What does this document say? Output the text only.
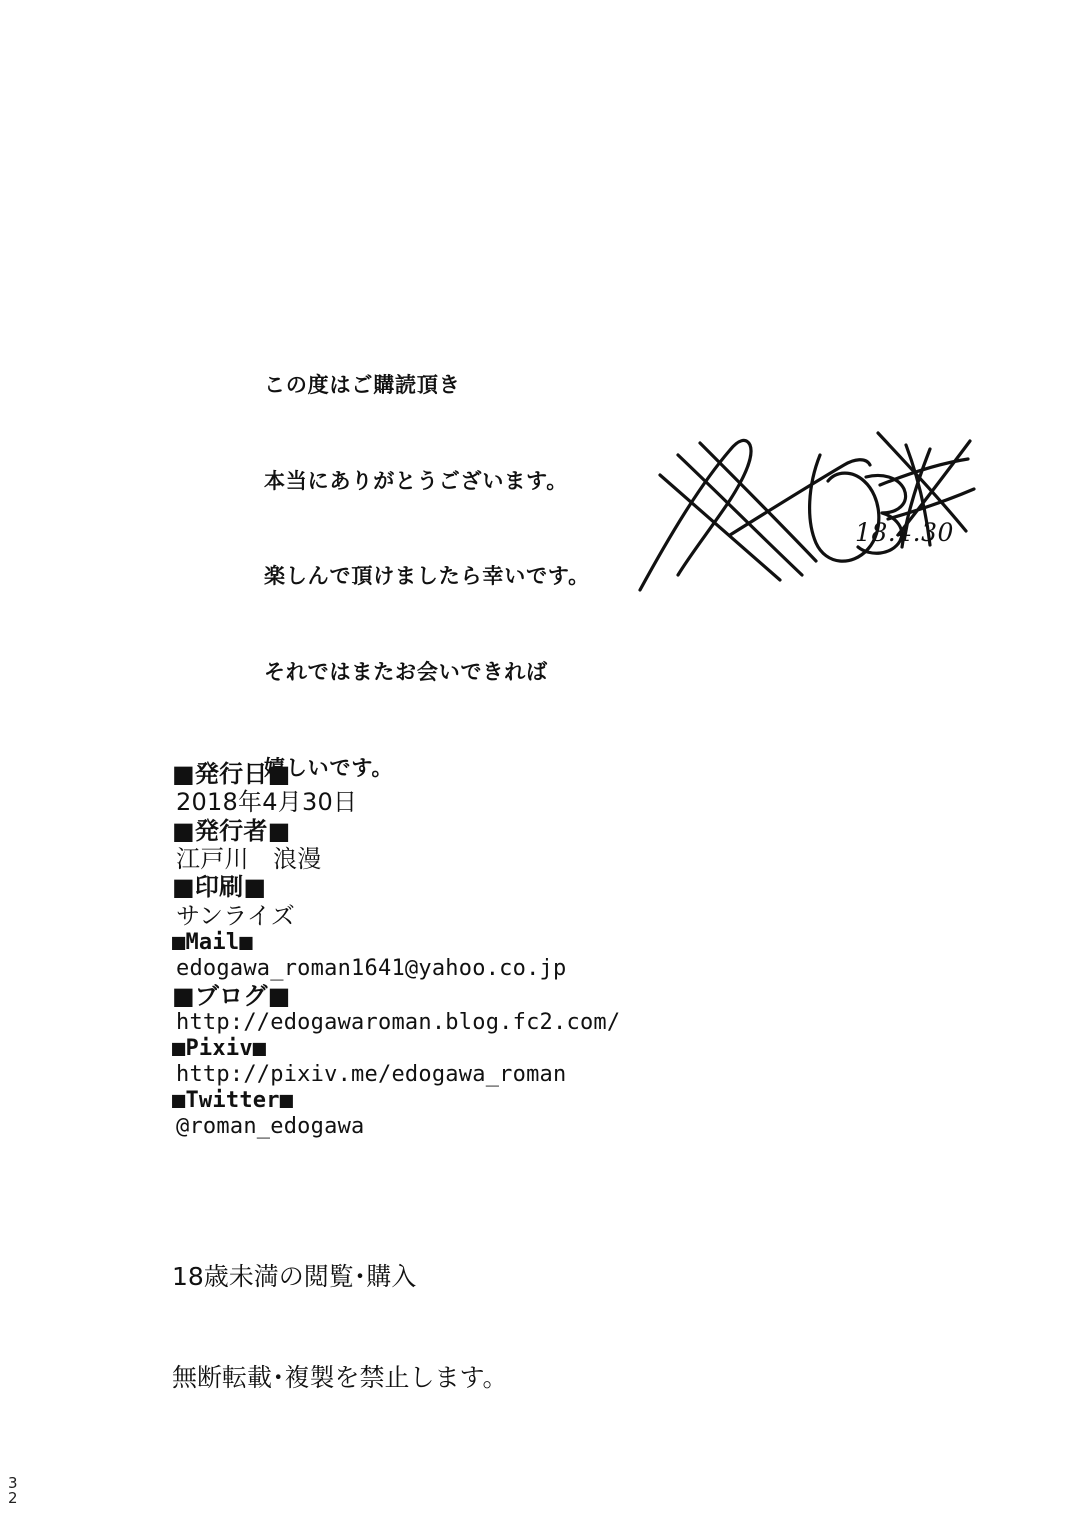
この度はご購読頂き

本当にありがとうございます。

楽しんで頂けましたら幸いです。

それではまたお会いできれば

嬉しいです。

18.4.30
■発行日■
2018年4月30日
■発行者■
江戸川　浪漫
■印刷■
サンライズ
■Mail■
edogawa_roman1641@yahoo.co.jp
■ブログ■
http://edogawaroman.blog.fc2.com/
■Pixiv■
http://pixiv.me/edogawa_roman
■Twitter■
@roman_edogawa

18歳未満の閲覧･購入

無断転載･複製を禁止します。

3
2
